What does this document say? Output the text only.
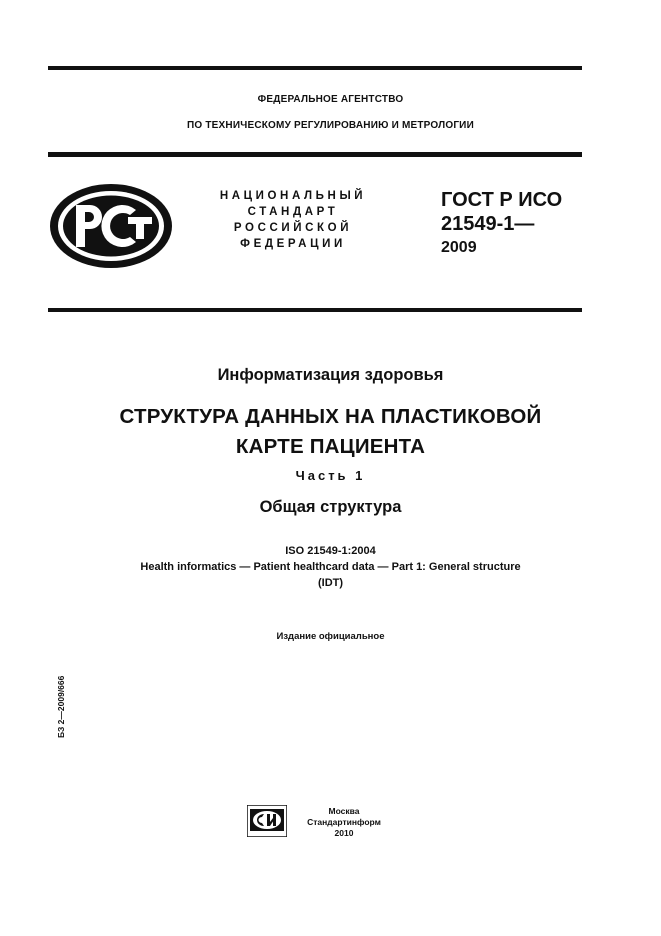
ФЕДЕРАЛЬНОЕ АГЕНТСТВО
ПО ТЕХНИЧЕСКОМУ РЕГУЛИРОВАНИЮ И МЕТРОЛОГИИ
НАЦИОНАЛЬНЫЙ
СТАНДАРТ
РОССИЙСКОЙ
ФЕДЕРАЦИИ
ГОСТ Р ИСО
21549-1—
2009
Информатизация здоровья
СТРУКТУРА ДАННЫХ НА ПЛАСТИКОВОЙ
КАРТЕ ПАЦИЕНТА
Часть 1
Общая структура
ISO 21549-1:2004
Health informatics — Patient healthcard data — Part 1: General structure
(IDT)
Издание официальное
БЗ 2—2009/666
Москва
Стандартинформ
2010
